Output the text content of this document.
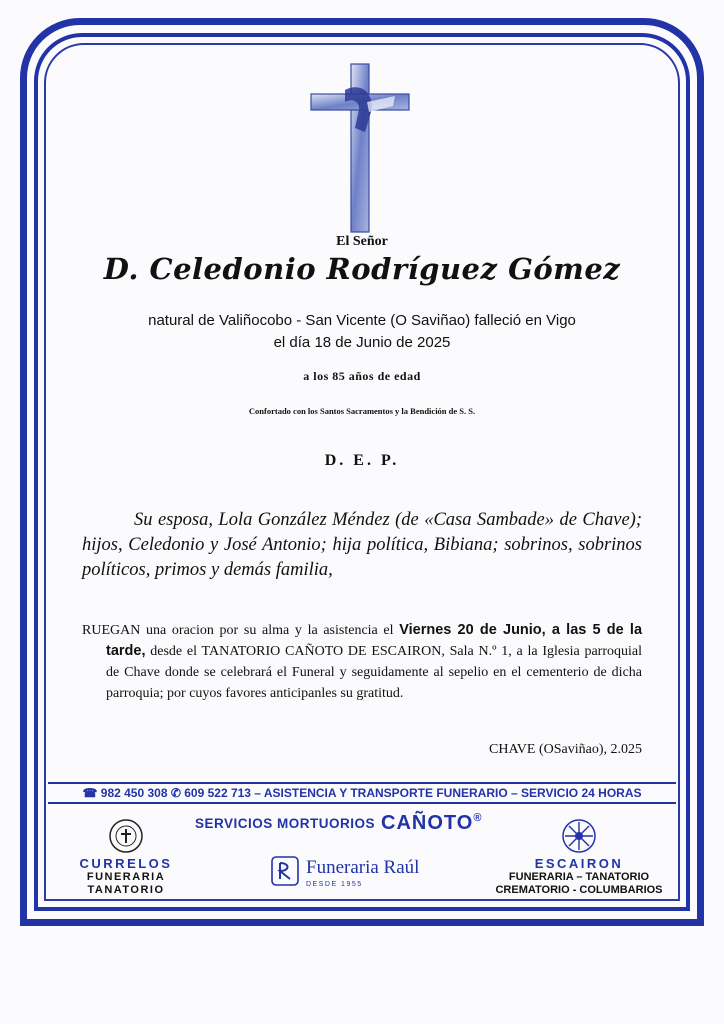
El Señor
D. Celedonio Rodríguez Gómez
natural de Valiñocobo - San Vicente (O Saviñao) falleció en Vigo
el día 18 de Junio de 2025
a los 85 años de edad
Confortado con los Santos Sacramentos y la Bendición de S. S.
D. E. P.
Su esposa, Lola González Méndez (de «Casa Sambade» de Chave); hijos, Celedonio y José Antonio; hija política, Bibiana; sobrinos, sobrinos políticos, primos y demás familia,
RUEGAN una oracion por su alma y la asistencia el Viernes 20 de Junio, a las 5 de la tarde, desde el TANATORIO CAÑOTO DE ESCAIRON, Sala N.º 1, a la Iglesia parroquial de Chave donde se celebrará el Funeral y seguidamente al sepelio en el cementerio de dicha parroquia; por cuyos favores anticipanles su gratitud.
CHAVE (OSaviñao), 2.025
☎ 982 450 308 ✆ 609 522 713 – ASISTENCIA Y TRANSPORTE FUNERARIO – SERVICIO 24 HORAS
SERVICIOS MORTUORIOS CAÑOTO®
CURRELOS
FUNERARIA
TANATORIO
Funeraria Raúl
DESDE 1955
ESCAIRON
FUNERARIA – TANATORIO
CREMATORIO - COLUMBARIOS
